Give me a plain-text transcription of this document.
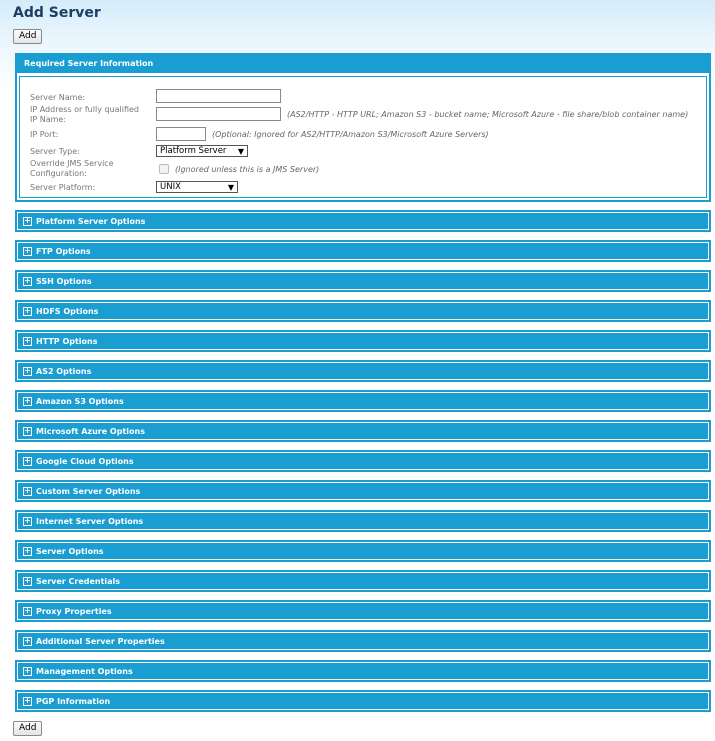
Add Server
Add
Required Server Information
Server Name:
IP Address or fully qualified IP Name:
(AS2/HTTP - HTTP URL; Amazon S3 - bucket name; Microsoft Azure - file share/blob container name)
IP Port:	(Optional: Ignored for AS2/HTTP/Amazon S3/Microsoft Azure Servers)
Server Type:	Platform Server ▼
Override JMS Service Configuration:	(Ignored unless this is a JMS Server)
Server Platform:	UNIX	▼
+ Platform Server Options
+ FTP Options
+ SSH Options
+ HDFS Options
+ HTTP Options
+ AS2 Options
+ Amazon S3 Options
+ Microsoft Azure Options
+ Google Cloud Options
+ Custom Server Options
+ Internet Server Options
+ Server Options
+ Server Credentials
+ Proxy Properties
+ Additional Server Properties
+ Management Options
+ PGP Information
Add
